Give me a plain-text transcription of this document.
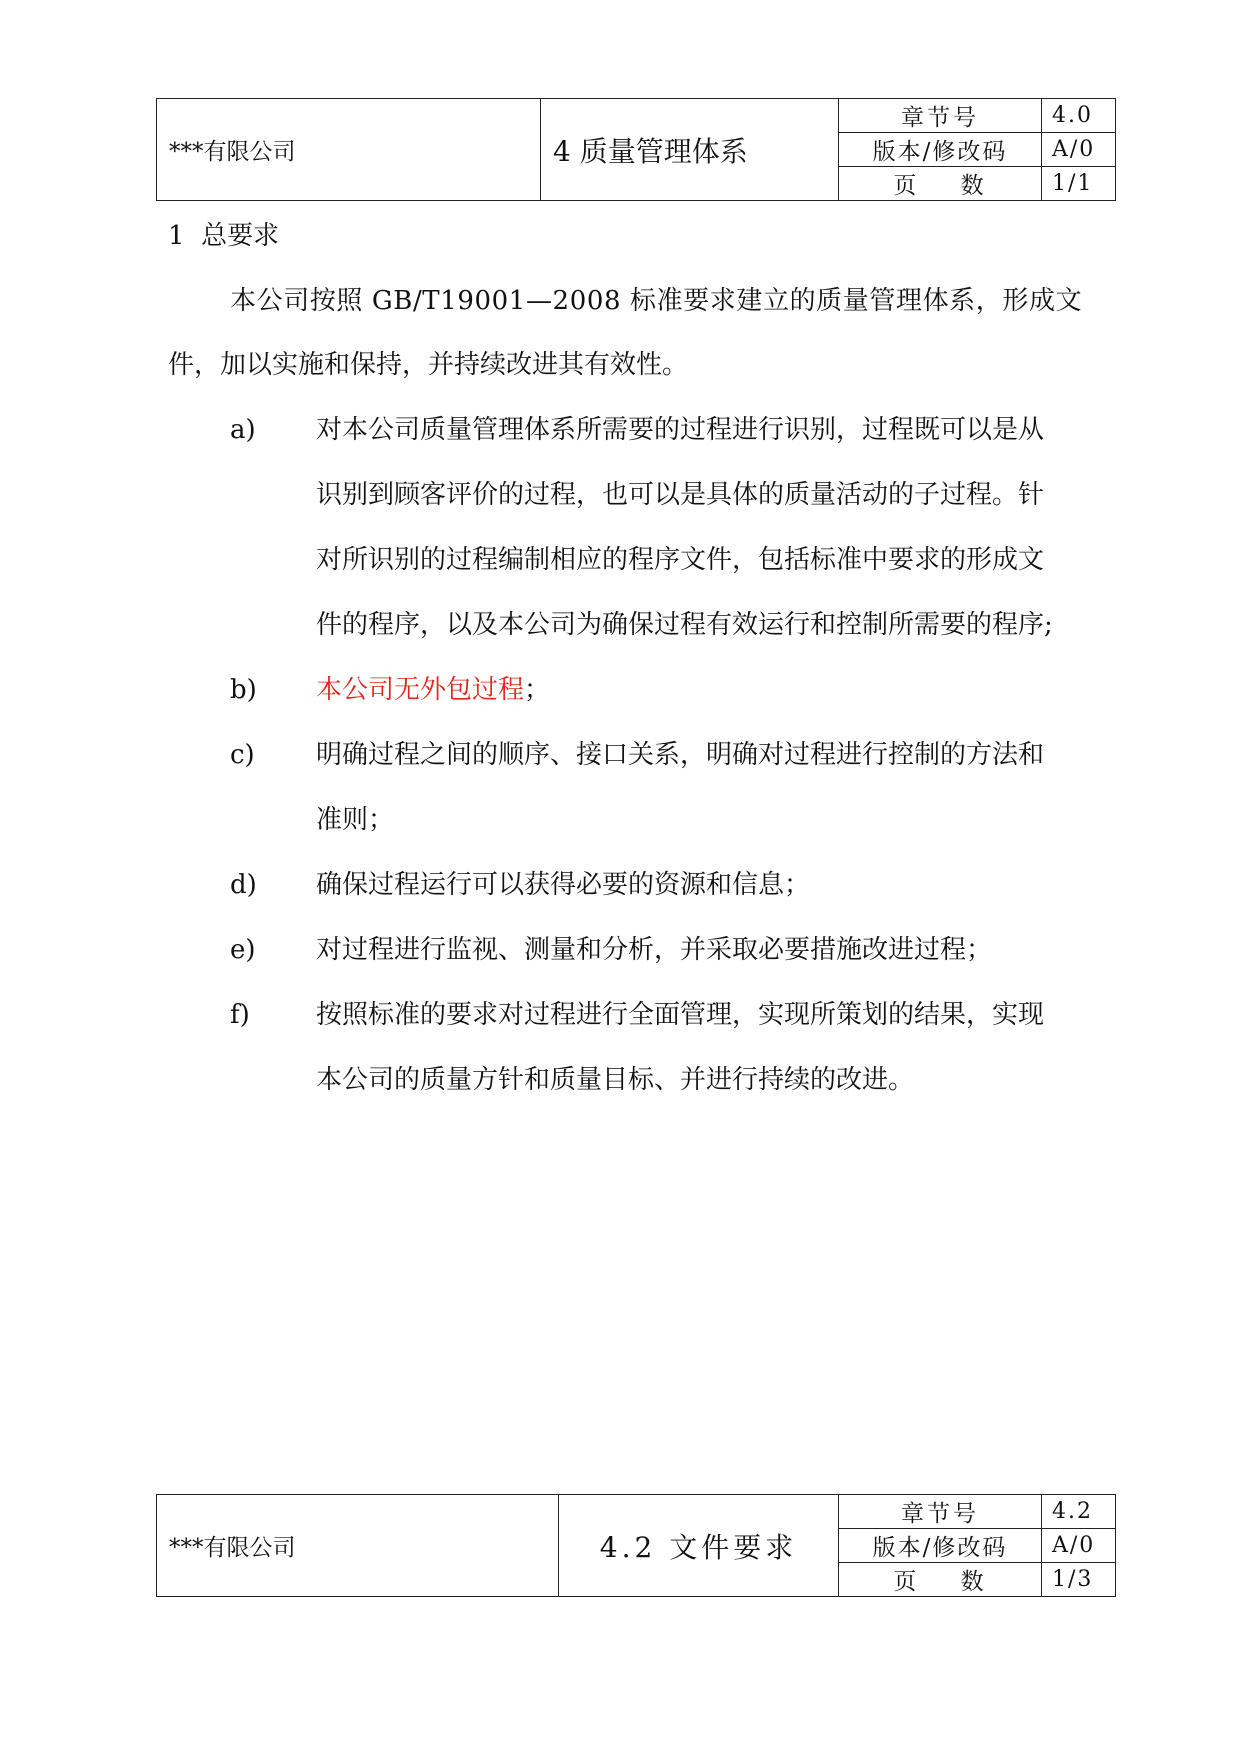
***有限公司	4 质量管理体系
章节号	4.0
版本/修改码	A/0
页    数	1/1
1  总要求
本公司按照 GB/T19001—2008 标准要求建立的质量管理体系，形成文
件，加以实施和保持，并持续改进其有效性。
a) 对本公司质量管理体系所需要的过程进行识别，过程既可以是从
识别到顾客评价的过程，也可以是具体的质量活动的子过程。针
对所识别的过程编制相应的程序文件，包括标准中要求的形成文
件的程序，以及本公司为确保过程有效运行和控制所需要的程序;
b) 本公司无外包过程；
c) 明确过程之间的顺序、接口关系，明确对过程进行控制的方法和
准则；
d) 确保过程运行可以获得必要的资源和信息；
e) 对过程进行监视、测量和分析，并采取必要措施改进过程；
f)	按照标准的要求对过程进行全面管理，实现所策划的结果，实现
本公司的质量方针和质量目标、并进行持续的改进。
***有限公司	4.2 文件要求
章节号	4.2
版本/修改码	A/0
页    数	1/3
